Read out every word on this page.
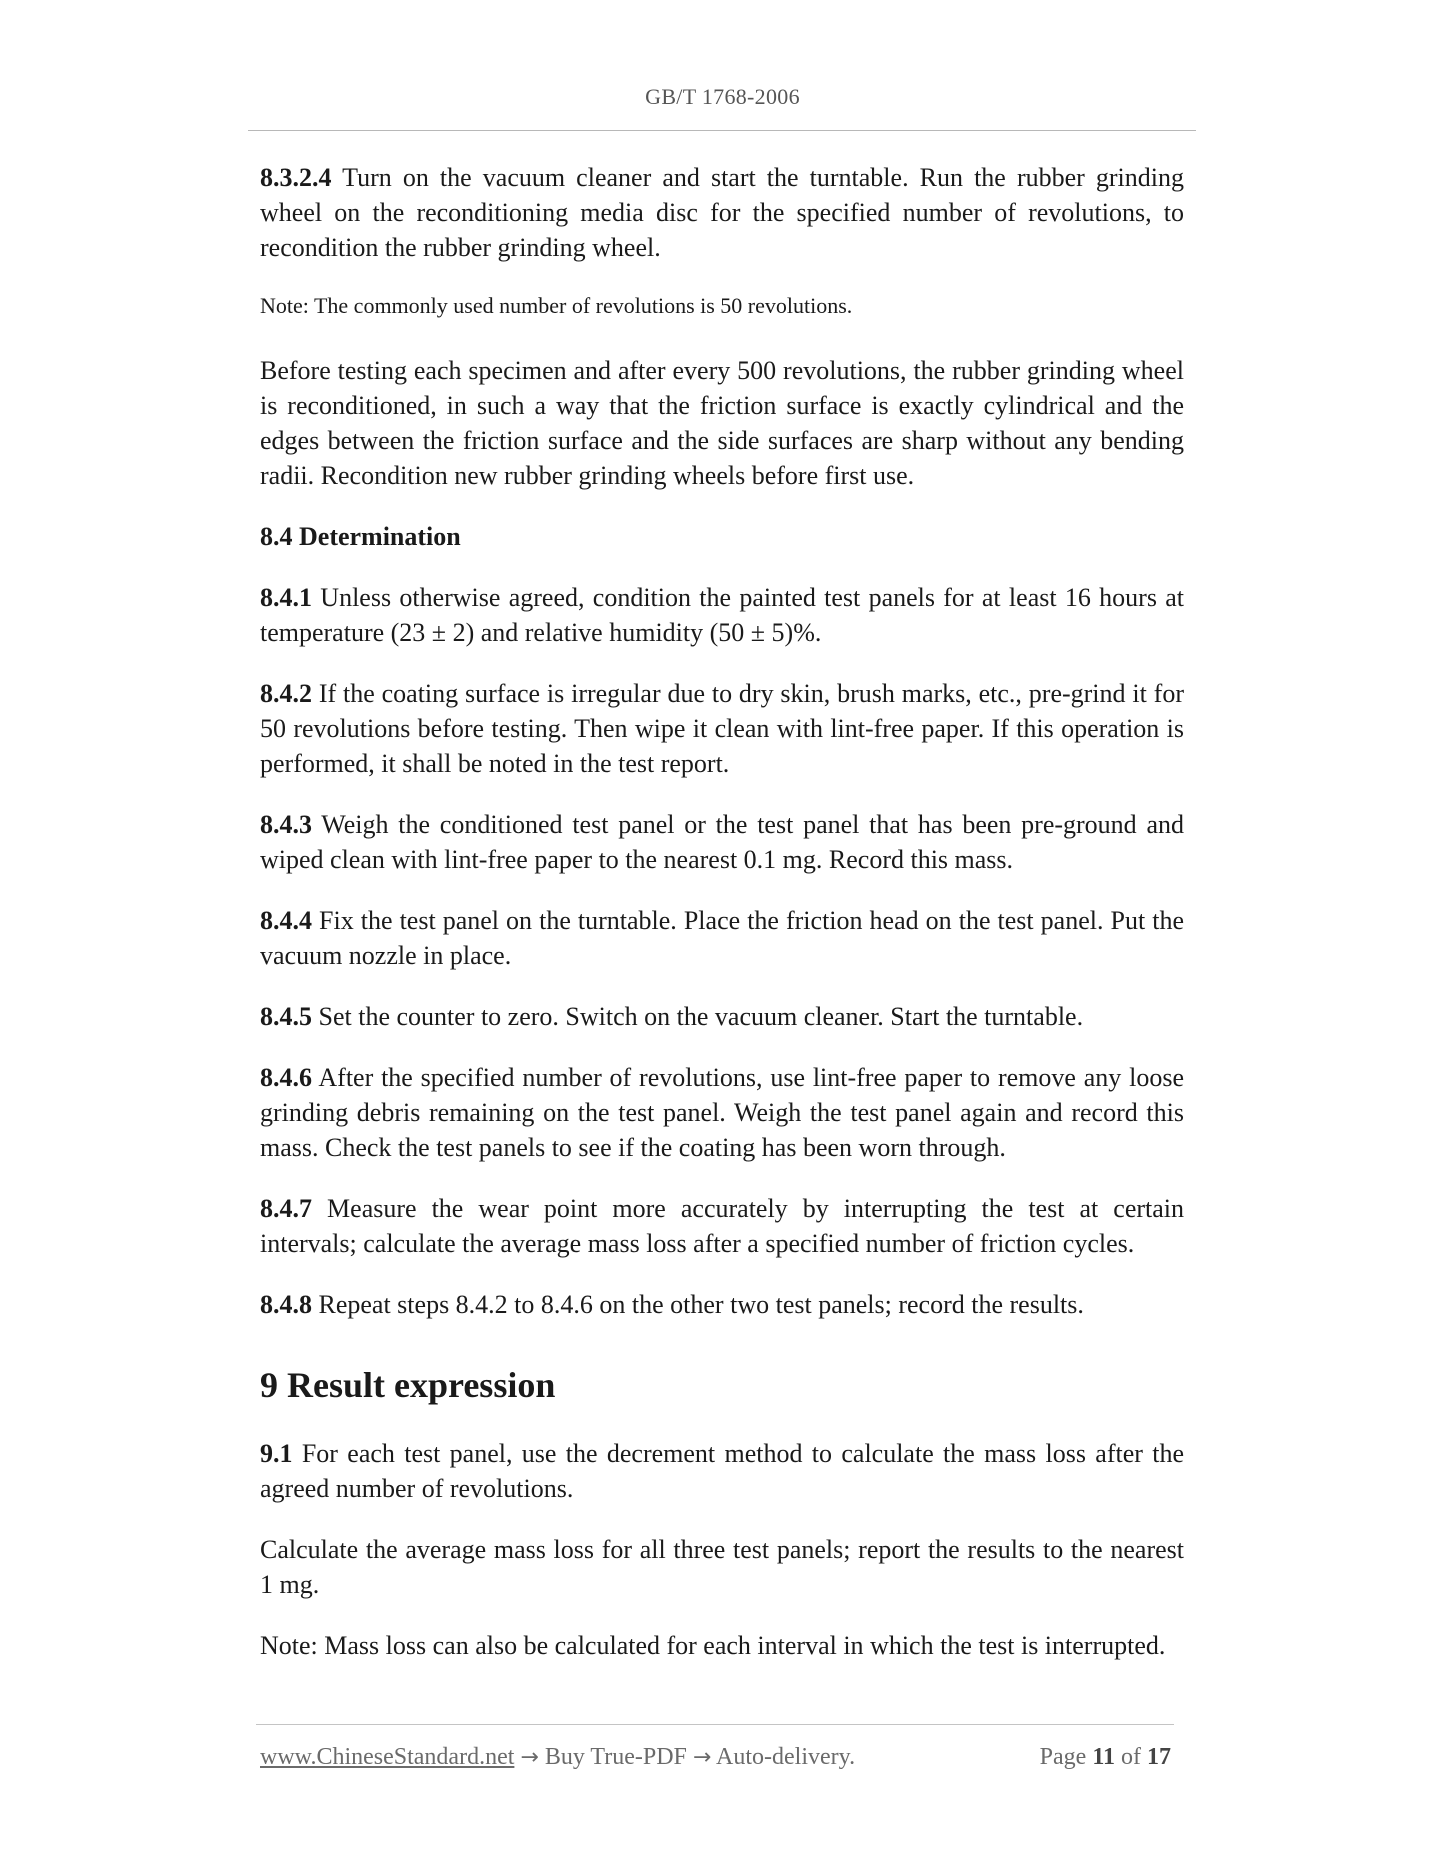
GB/T 1768-2006

8.3.2.4 Turn on the vacuum cleaner and start the turntable. Run the rubber grinding wheel on the reconditioning media disc for the specified number of revolutions, to recondition the rubber grinding wheel.

Note: The commonly used number of revolutions is 50 revolutions.

Before testing each specimen and after every 500 revolutions, the rubber grinding wheel is reconditioned, in such a way that the friction surface is exactly cylindrical and the edges between the friction surface and the side surfaces are sharp without any bending radii. Recondition new rubber grinding wheels before first use.

8.4 Determination

8.4.1 Unless otherwise agreed, condition the painted test panels for at least 16 hours at temperature (23 ± 2) and relative humidity (50 ± 5)%.

8.4.2 If the coating surface is irregular due to dry skin, brush marks, etc., pre-grind it for 50 revolutions before testing. Then wipe it clean with lint-free paper. If this operation is performed, it shall be noted in the test report.

8.4.3 Weigh the conditioned test panel or the test panel that has been pre-ground and wiped clean with lint-free paper to the nearest 0.1 mg. Record this mass.

8.4.4 Fix the test panel on the turntable. Place the friction head on the test panel. Put the vacuum nozzle in place.

8.4.5 Set the counter to zero. Switch on the vacuum cleaner. Start the turntable.

8.4.6 After the specified number of revolutions, use lint-free paper to remove any loose grinding debris remaining on the test panel. Weigh the test panel again and record this mass. Check the test panels to see if the coating has been worn through.

8.4.7 Measure the wear point more accurately by interrupting the test at certain intervals; calculate the average mass loss after a specified number of friction cycles.

8.4.8 Repeat steps 8.4.2 to 8.4.6 on the other two test panels; record the results.

9 Result expression

9.1 For each test panel, use the decrement method to calculate the mass loss after the agreed number of revolutions.

Calculate the average mass loss for all three test panels; report the results to the nearest 1 mg.

Note: Mass loss can also be calculated for each interval in which the test is interrupted.

www.ChineseStandard.net → Buy True-PDF → Auto-delivery.	Page 11 of 17
